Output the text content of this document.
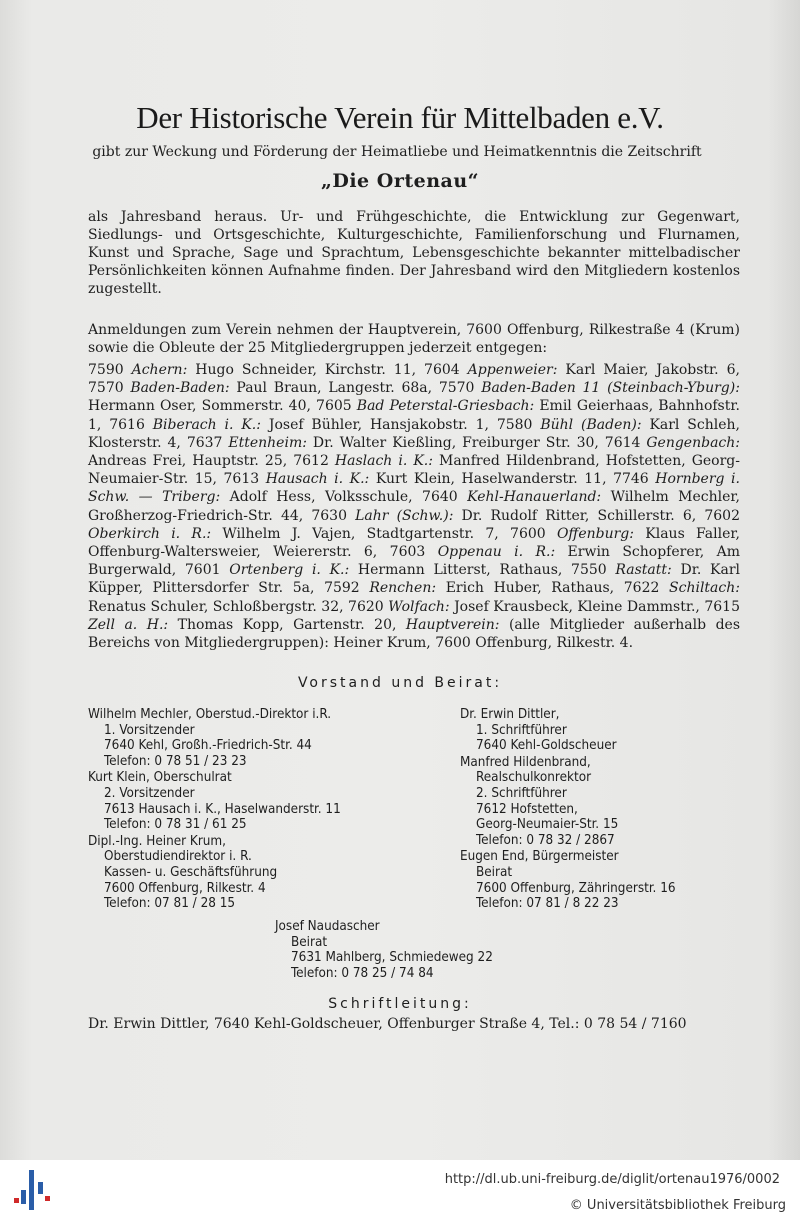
Der Historische Verein für Mittelbaden e.V.
gibt zur Weckung und Förderung der Heimatliebe und Heimatkenntnis die Zeitschrift
„Die Ortenau“
als Jahresband heraus. Ur- und Frühgeschichte, die Entwicklung zur Gegenwart, Siedlungs- und Ortsgeschichte, Kulturgeschichte, Familienforschung und Flurnamen, Kunst und Sprache, Sage und Sprachtum, Lebensgeschichte bekannter mittelbadischer Persönlichkeiten können Aufnahme finden. Der Jahresband wird den Mitgliedern kostenlos zugestellt.
Anmeldungen zum Verein nehmen der Hauptverein, 7600 Offenburg, Rilkestraße 4 (Krum) sowie die Obleute der 25 Mitgliedergruppen jederzeit entgegen:
7590 Achern: Hugo Schneider, Kirchstr. 11, 7604 Appenweier: Karl Maier, Jakobstr. 6, 7570 Baden-Baden: Paul Braun, Langestr. 68a, 7570 Baden-Baden 11 (Steinbach-Yburg): Hermann Oser, Sommerstr. 40, 7605 Bad Peterstal-Griesbach: Emil Geierhaas, Bahnhofstr. 1, 7616 Biberach i. K.: Josef Bühler, Hansjakobstr. 1, 7580 Bühl (Baden): Karl Schleh, Klosterstr. 4, 7637 Ettenheim: Dr. Walter Kießling, Freiburger Str. 30, 7614 Gengenbach: Andreas Frei, Hauptstr. 25, 7612 Haslach i. K.: Manfred Hildenbrand, Hofstetten, Georg-Neumaier-Str. 15, 7613 Hausach i. K.: Kurt Klein, Haselwanderstr. 11, 7746 Hornberg i. Schw. — Triberg: Adolf Hess, Volksschule, 7640 Kehl-Hanauerland: Wilhelm Mechler, Großherzog-Friedrich-Str. 44, 7630 Lahr (Schw.): Dr. Rudolf Ritter, Schillerstr. 6, 7602 Oberkirch i. R.: Wilhelm J. Vajen, Stadtgartenstr. 7, 7600 Offenburg: Klaus Faller, Offenburg-Waltersweier, Weiererstr. 6, 7603 Oppenau i. R.: Erwin Schopferer, Am Burgerwald, 7601 Ortenberg i. K.: Hermann Litterst, Rathaus, 7550 Rastatt: Dr. Karl Küpper, Plittersdorfer Str. 5a, 7592 Renchen: Erich Huber, Rathaus, 7622 Schiltach: Renatus Schuler, Schloßbergstr. 32, 7620 Wolfach: Josef Krausbeck, Kleine Dammstr., 7615 Zell a. H.: Thomas Kopp, Gartenstr. 20, Hauptverein: (alle Mitglieder außerhalb des Bereichs von Mitgliedergruppen): Heiner Krum, 7600 Offenburg, Rilkestr. 4.
Vorstand und Beirat:
Wilhelm Mechler, Oberstud.-Direktor i.R.
1. Vorsitzender
7640 Kehl, Großh.-Friedrich-Str. 44
Telefon: 0 78 51 / 23 23
Kurt Klein, Oberschulrat
2. Vorsitzender
7613 Hausach i. K., Haselwanderstr. 11
Telefon: 0 78 31 / 61 25
Dipl.-Ing. Heiner Krum,
Oberstudiendirektor i. R.
Kassen- u. Geschäftsführung
7600 Offenburg, Rilkestr. 4
Telefon: 07 81 / 28 15
Dr. Erwin Dittler,
1. Schriftführer
7640 Kehl-Goldscheuer
Manfred Hildenbrand,
Realschulkonrektor
2. Schriftführer
7612 Hofstetten,
Georg-Neumaier-Str. 15
Telefon: 0 78 32 / 2867
Eugen End, Bürgermeister
Beirat
7600 Offenburg, Zähringerstr. 16
Telefon: 07 81 / 8 22 23
Josef Naudascher
Beirat
7631 Mahlberg, Schmiedeweg 22
Telefon: 0 78 25 / 74 84
Schriftleitung:
Dr. Erwin Dittler, 7640 Kehl-Goldscheuer, Offenburger Straße 4, Tel.: 0 78 54 / 7160
http://dl.ub.uni-freiburg.de/diglit/ortenau1976/0002
© Universitätsbibliothek Freiburg
